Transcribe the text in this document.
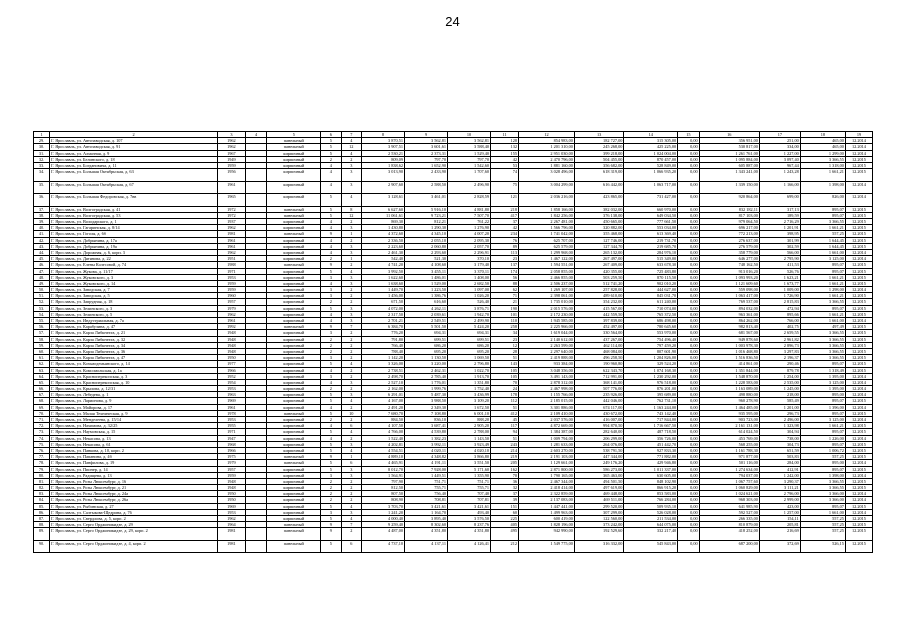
24
1	2	3	4	5	6	7	8	9	10	11	12	13	14	15	16	17	18	19
29.	Г. Ярославль, ул. Автозаводская, д. 107	1962		панельный	5	4	3 870,51	3 562,81	3 562,81	128	854 983,00	182 727,00	315 305,00	0,00	356 951,00	251,00	465,00	12.2014
30.	Г. Ярославль, ул. Автозаводская, д. 91	1962		панельный	5	12	3 907,51	3 601,61	3 588,40	132	1 201 310,00	245 268,00	425 225,00	0,00	530 817,00	334,00	465,00	12.2014
31.	Г. Ярославль, ул. Алмазная, д. 9	1967		кирпичный	5	4	2 530,21	2 373,31	1 529,40	155	2 951 030,00	399 218,00	1 024 004,00	0,00	1 261 761,00	1 227,00	1 299,00	12.2014
32.	Г. Ярославль, ул. Белинского, д. 18	1949		кирпичный	2	2	809,09	797,70	797,70	42	2 470 796,00	504 455,00	870 457,00	0,00	1 095 884,00	3 097,40	3 366,55	12.2015
33.	Г. Ярославль, ул. Богдановича, д. 11	1959		кирпичный	4	3	1 838,62	1 652,90	1 542,60	53	1 881 160,00	356 682,00	528 849,00	0,00	605 887,00	967,44	1 318,00	12.2015
34.	Г. Ярославль, ул. Большая Октябрьская, д. 63	1956		кирпичный	4	3	3 013,90	2 433,90	1 707,60	74	3 028 496,00	618 319,00	1 066 935,20	0,00	1 343 241,00	1 243,28	1 661,21	12.2015
35.	Г. Ярославль, ул. Большая Октябрьская, д. 67	1961		кирпичный	4	3	2 907,60	2 588,50	2 496,90	75	3 004 299,00	616 442,00	1 063 717,00	0,00	1 339 150,00	1 166,00	1 398,00	12.2014
36.	Г. Ярославль, ул. Большая Федоровская, д. 7вв	1965		кирпичный	5	4	3 128,61	3 461,01	2 828,59	121	2 036 216,00	423 865,00	731 427,00	0,00	920 864,00	699,00	826,00	12.2014
37.	Г. Ярославль, ул. Волгоградская, д. 41	1972		панельный	5	8	6 627,60	5 916,10	4 881,80	218	1 858 166,00	382 032,00	660 970,00	0,00	832 182,11	317,13	895,07	12.2015
38.	Г. Ярославль, ул. Волгоградская, д. 53	1972		панельный	5	12	11 061,61	9 723,21	7 507,70	417	1 842 256,00	376 138,00	649 034,50	0,00	817 103,00	189,59	895,07	12.2015
39.	Г. Ярославль, ул. Володарского, д. 1	1937		кирпичный	4	2	869,30	812,21	761,22	37	2 267 481,00	450 665,00	777 661,50	0,00	979 064,50	2 716,29	3 366,55	12.2015
40.	Г. Ярославль, ул. Гагаринская, д. 8/14	1962		кирпичный	4	3	1 430,80	1 290,30	1 276,90	42	1 566 796,00	320 882,00	553 034,00	0,00	696 217,00	1 201,91	1 661,21	12.2015
41.	Г. Ярославль, ул. Гоголя, д. 6б	1981		панельный	9	1	4 372,60	4 345,10	4 007,20	234	1 741 042,00	355 468,00	613 369,40	0,00	772 213,00	398,95	557,25	12.2015
42.	Г. Ярославль, ул. Добрынина, д. 17а	1961		кирпичный	4	2	2 336,50	2 055,10	2 095,30	76	625 707,00	127 746,00	219 731,70	0,00	276 637,00	301,99	1 644,45	12.2015
43.	Г. Ярославль, ул. Добрынина, д. 19а	1961		кирпичный	4	3	2 223,60	2 060,80	2 057,70	89	625 579,00	127 344,70	219 685,70	0,00	276 579,00	302,59	1 644,45	12.2015
44.	Г. Ярославль, ул. Дорожная, д. 6, корп. 3	1962		кирпичный	4	3	2 461,30	2 293,60	2 296,91	113	1 299 968,00	265 132,00	284 976,10	0,00	358 779,00	566,00	1 661,00	12.2014
45.	Г. Ярославль, ул. Дятянова, д. 22	1951		кирпичный	2	1	542,40	521,30	370,10	23	1 467 122,00	267 497,00	515 349,00	0,00	646 277,00	2 795,90	3 125,00	12.2014
46.	Г. Ярославль, ул. Елены Колесовой, д. 74	1988		панельный	9	2	4 741,20	4 108,60	3 179,40	137	1 594 551,00	267 409,00	633 678,30	0,00	748 162,50	411,53	895,07	12.2015
47.	Г. Ярославль, ул. Жукова, д. 11/17	1971		кирпичный	5	4	3 992,50	3 455,11	3 370,11	174	2 058 855,00	420 355,00	725 483,80	0,00	913 016,20	526,76	895,07	12.2015
48.	Г. Ярославль, ул. Жуковского, д. 3	1953		кирпичный	3	3	1 622,60	1 486,01	1 408,00	56	2 466 855,00	503 259,50	870 115,50	0,00	1 093 993,20	1 623,21	1 661,21	12.2015
49.	Г. Ярославль, ул. Жуковского, д. 14	1959		кирпичный	4	3	1 638,60	1 529,00	2 682,50	88	2 506 237,00	512 741,20	902 010,20	0,00	1 121 609,60	1 673,77	1 661,21	12.2015
50.	Г. Ярославль, ул. Заводская, д. 7	1959		кирпичный	3	2	1 449,70	1 223,50	1 097,00	62	1 269 107,00	257 828,00	444 627,00	0,00	559 098,00	1 009,00	1 298,00	12.2014
51.	Г. Ярославль, ул. Заводская, д. 5	1960		кирпичный	3	2	1 456,00	1 386,76	1 026,20	71	2 398 061,00	489 610,00	845 031,70	0,00	1 063 417,00	1 726,90	1 661,21	12.2015
52.	Г. Ярославль, ул. Запрудная, д. 18	1957		кирпичный	2	2	671,50	616,60	526,40	21	1 735 010,00	354 232,00	611 240,00	0,00	769 537,00	2 815,83	3 366,55	12.2015
53.	Г. Ярославль, ул. Зелинского, д. 3	1979		кирпичный	5	3	4 072,00	4 262,11	3 876,71	190	2 015 576,00	415 567,00	710 074,00	0,00	894 032,00	472,94	895,07	12.2015
54.	Г. Ярославль, ул. Зелинского, д. 5	1962		кирпичный	4	3	2 317,50	2 039,61	1 942,70	101	2 172 230,00	442 559,50	765 372,50	0,00	963 361,00	895,66	1 661,21	12.2015
55.	Г. Ярославль, ул. Индустриальная, д. 7а	1961		кирпичный	4	3	2 701,21	2 549,51	2 499,90	110	1 945 585,00	397 839,00	686 498,00	0,00	864 262,00	766,00	1 661,00	12.2014
56.	Г. Ярославль, ул. Карабулина, д. 47	1992		панельный	9	7	6 384,70	5 501,50	5 424,20	258	2 225 966,00	452 497,00	780 645,60	0,00	982 813,40	402,75	497,49	12.2015
57.	Г. Ярославль, ул. Карла Либкнехта, д. 21	1948		кирпичный	3	2	776,20	694,31	694,31	34	1 619 044,00	330 564,00	553 970,00	0,00	681 567,00	2 659,55	3 366,55	12.2015
58.	Г. Ярославль, ул. Карла Либкнехта, д. 32	1948		кирпичный	2	2	791,80	699,51	699,51	23	2 140 612,00	437 267,00	754 496,40	0,00	949 878,60	2 961,82	3 366,55	12.2015
59.	Г. Ярославль, ул. Карла Либкнехта, д. 34	1948		кирпичный	2	2	766,40	686,20	686,20	12	2 263 599,00	462 114,00	797 459,20	0,00	1 003 978,30	2 896,73	3 366,55	12.2015
60.	Г. Ярославль, ул. Карла Либкнехта, д. 36	1948		кирпичный	2	2	788,40	695,20	695,20	28	2 297 640,00	468 084,00	807 601,90	0,00	1 016 468,80	3 297,83	3 366,55	12.2015
61.	Г. Ярославль, ул. Карла Либкнехта, д. 47	1950		кирпичный	3	2	1 142,20	1 130,50	1 069,50	51	2 419 888,00	496 258,50	1 204 826,00	0,00	1 516 836,50	2 196,37	3 366,55	12.2015
62.	Г. Ярославль, ул. Козьмодемьянского, д. 14	1977		кирпичный	5	4	3 326,00	3 220,00	2 796,80	143	933 384,00	190 960,80	329 524,20	0,00	414 861,00	290,46	895,07	12.2015
63.	Г. Ярославль, ул. Комсомольская, д. 1а	1966		кирпичный	4	2	2 738,51	2 462,31	1 022,70	105	3 048 356,00	622 343,70	1 074 168,30	0,00	1 351 844,00	879,78	1 318,49	12.2015
64.	Г. Ярославль, ул. Красноперекопская, д. 3	1952		кирпичный	3	2	2 498,70	2 785,40	1 913,70	105	3 491 143,00	712 991,00	1 230 292,00	0,00	1 548 870,00	1 254,00	1 395,00	12.2014
65.	Г. Ярославль, ул. Красноперекопская, д. 10	1954		кирпичный	4	3	2 527,10	1 776,01	1 351,80	70	2 878 312,00	368 141,00	976 518,00	0,00	1 228 583,00	2 535,00	3 125,00	12.2014
66.	Г. Ярославль, ул. Крылова, д. 12/31	1953		кирпичный	2	2	2 162,00	1 999,76	1 752,40	24	2 467 998,00	507 776,00	876 201,00	0,00	1 163 089,00	1 245,00	1 395,00	12.2014
67.	Г. Ярославль, ул. Лебедева, д. 1	1963		кирпичный	5	3	6 291,01	5 487,30	3 436,99	178	1 155 766,00	235 926,00	395 689,00	0,00	498 880,00	218,00	895,00	12.2014
68.	Г. Ярославль, ул. Ларионова, д. 9	1969		кирпичный	5	4	4 167,00	3 988,50	3 109,20	112	2 185 015,00	442 046,00	762 731,10	0,00	960 278,90	585,49	895,07	12.2015
69.	Г. Ярославль, ул. Майорова, д. 17	1961		кирпичный	4	2	2 491,20	2 349,30	1 672,50	51	3 301 886,00	674 117,00	1 163 244,00	0,00	1 464 485,00	1 201,00	1 396,00	12.2014
70.	Г. Ярославль, ул. Малая Техническая, д. 9	1978		панельный	5	10	7 680,70	7 108,80	6 001,10	412	2 109 410,00	430 672,00	743 142,40	0,00	935 595,00	296,73	895,07	12.2015
71.	Г. Ярославль, ул. Менделеева, д. 15/14	1953		кирпичный	2	2	884,50	836,10	888,20	45	2 037 576,00	416 007,00	717 844,00	0,00	903 723,00	2 496,00	3 125,00	12.2014
72.	Г. Ярославль, ул. Нахимова, д. 32/25	1955		кирпичный	4	6	4 107,50	3 687,41	2 905,20	117	4 872 669,00	994 870,50	1 716 667,50	0,00	2 161 131,00	1 323,98	1 661,21	12.2015
73.	Г. Ярославль, ул. Наумовская, д. 15	1971		кирпичный	5	4	4 766,00	4 539,80	2 788,00	94	1 384 387,00	282 640,00	487 718,50	0,00	614 024,50	304,94	895,07	12.2015
74.	Г. Ярославль, ул. Некасова, д. 13	1947		кирпичный	4	2	1 522,40	1 382,23	1 143,50	51	1 009 794,00	206 299,00	356 726,00	0,00	453 769,00	738,00	1 226,00	12.2014
75.	Г. Ярославль, ул. Некасова, д. 61	1968		кирпичный	5	3	4 202,81	3 992,11	3 923,49	243	1 281 633,00	264 076,00	451 442,70	0,00	568 255,00	304,73	895,07	12.2015
76.	Г. Ярославль, ул. Панкова, д. 10, корп. 2	1966		кирпичный	5	4	4 554,51	4 020,11	4 020,10	214	2 603 270,00	538 791,50	927 833,30	0,00	1 161 788,30	651,59	1 006,72	12.2015
77.	Г. Ярославль, ул. Папанина, д. 4б	1975		панельный	9	1	4 889,10	4 348,82	3 866,80	219	2 191 103,00	447 344,00	771 882,00	0,00	971 877,00	503,83	557,25	12.2015
78.	Г. Ярославль, ул. Панфилова, д. 19	1979		панельный	5	6	4 465,91	4 191,11	3 551,50	205	1 129 661,00	249 176,20	429 946,80	0,00	501 116,00	284,00	895,00	12.2014
79.	Г. Ярославль, ул. Пионер, д. 14	1957		кирпичный	5	3	8 012,70	7 928,00	5 171,60	162	2 871 800,00	586 273,00	1 011 337,00	0,00	1 274 634,00	412,91	895,07	12.2015
80.	Г. Ярославль, ул. Радищева, д. 13	1959		кирпичный	3	3	1 564,91	1 449,51	1 355,90	70	1 790 165,00	365 463,00	630 605,00	0,00	794 037,00	1 242,00	1 398,00	12.2014
81.	Г. Ярославль, ул. Розы Люксембург, д. 16	1948		кирпичный	2	2	797,90	751,71	751,71	36	2 467 344,00	494 501,50	848 102,90	0,00	1 067 757,60	3 290,37	3 366,55	12.2015
82.	Г. Ярославль, ул. Розы Люксембург, д. 21	1948		кирпичный	2	2	812,50	755,71	755,71	32	2 418 414,00	497 619,00	866 915,20	0,00	1 060 829,00	3 111,21	3 366,55	12.2015
83.	Г. Ярославль, ул. Розы Люксембург, д. 24а	1950		кирпичный	2	2	807,50	756,40	707,40	37	2 322 859,00	469 448,00	853 583,00	0,00	1 024 621,00	2 796,00	3 366,00	12.2014
84.	Г. Ярославль, ул. Розы Люксембург, д. 26а	1950		кирпичный	2	2	808,90	708,81	707,81	39	2 137 083,00	469 511,00	766 284,00	0,00	968 303,00	2 999,00	3 366,00	12.2014
85.	Г. Ярославль, ул. Рыбинская, д. 27	1969		кирпичный	5	4	3 703,70	3 421,61	3 421,61	151	1 447 441,00	299 520,00	509 935,10	0,00	641 985,90	423,00	895,07	12.2015
86.	Г. Ярославль, ул. Салтыкова-Щедрина, д. 76	1953		кирпичный	3	3	1 241,20	1 164,70	493,40	60	1 499 963,00	307 299,00	526 028,00	0,00	592 527,00	1 257,00	1 661,00	12.2014
87.	Г. Ярославль, ул. Свердлова, д. 5, корп. 2	1962		кирпичный	5	4	4 000,40	3 895,40	3 576,50	225	600 419,00	122 560,00	211 534,00	0,00	266 335,00	154,11	557,25	12.2015
88.	Г. Ярославль, ул. Серго Орджоникидзе, д. 29	1964		панельный	9	7	9 259,40	8 302,60	8 237,76	405	1 828 196,00	373 242,00	644 075,00	0,00	810 879,00	205,81	557,25	12.2015
89.	Г. Ярославль, ул. Серго Орджоникидзе, д. 29, корп. 2	1981		панельный	9	2	4 487,00	4 351,80	4 351,80	495	942 990,00	192 529,60	332 217,40	0,00	418 252,00	216,69	557,25	12.2015
90.	Г. Ярославль, ул. Серго Орджоникидзе, д. 4, корп. 2	1981		панельный	5	6	4 737,10	4 137,11	4 126,41	212	1 549 775,00	316 332,00	545 843,00	0,00	687 200,00	372,69	526,15	12.2015
